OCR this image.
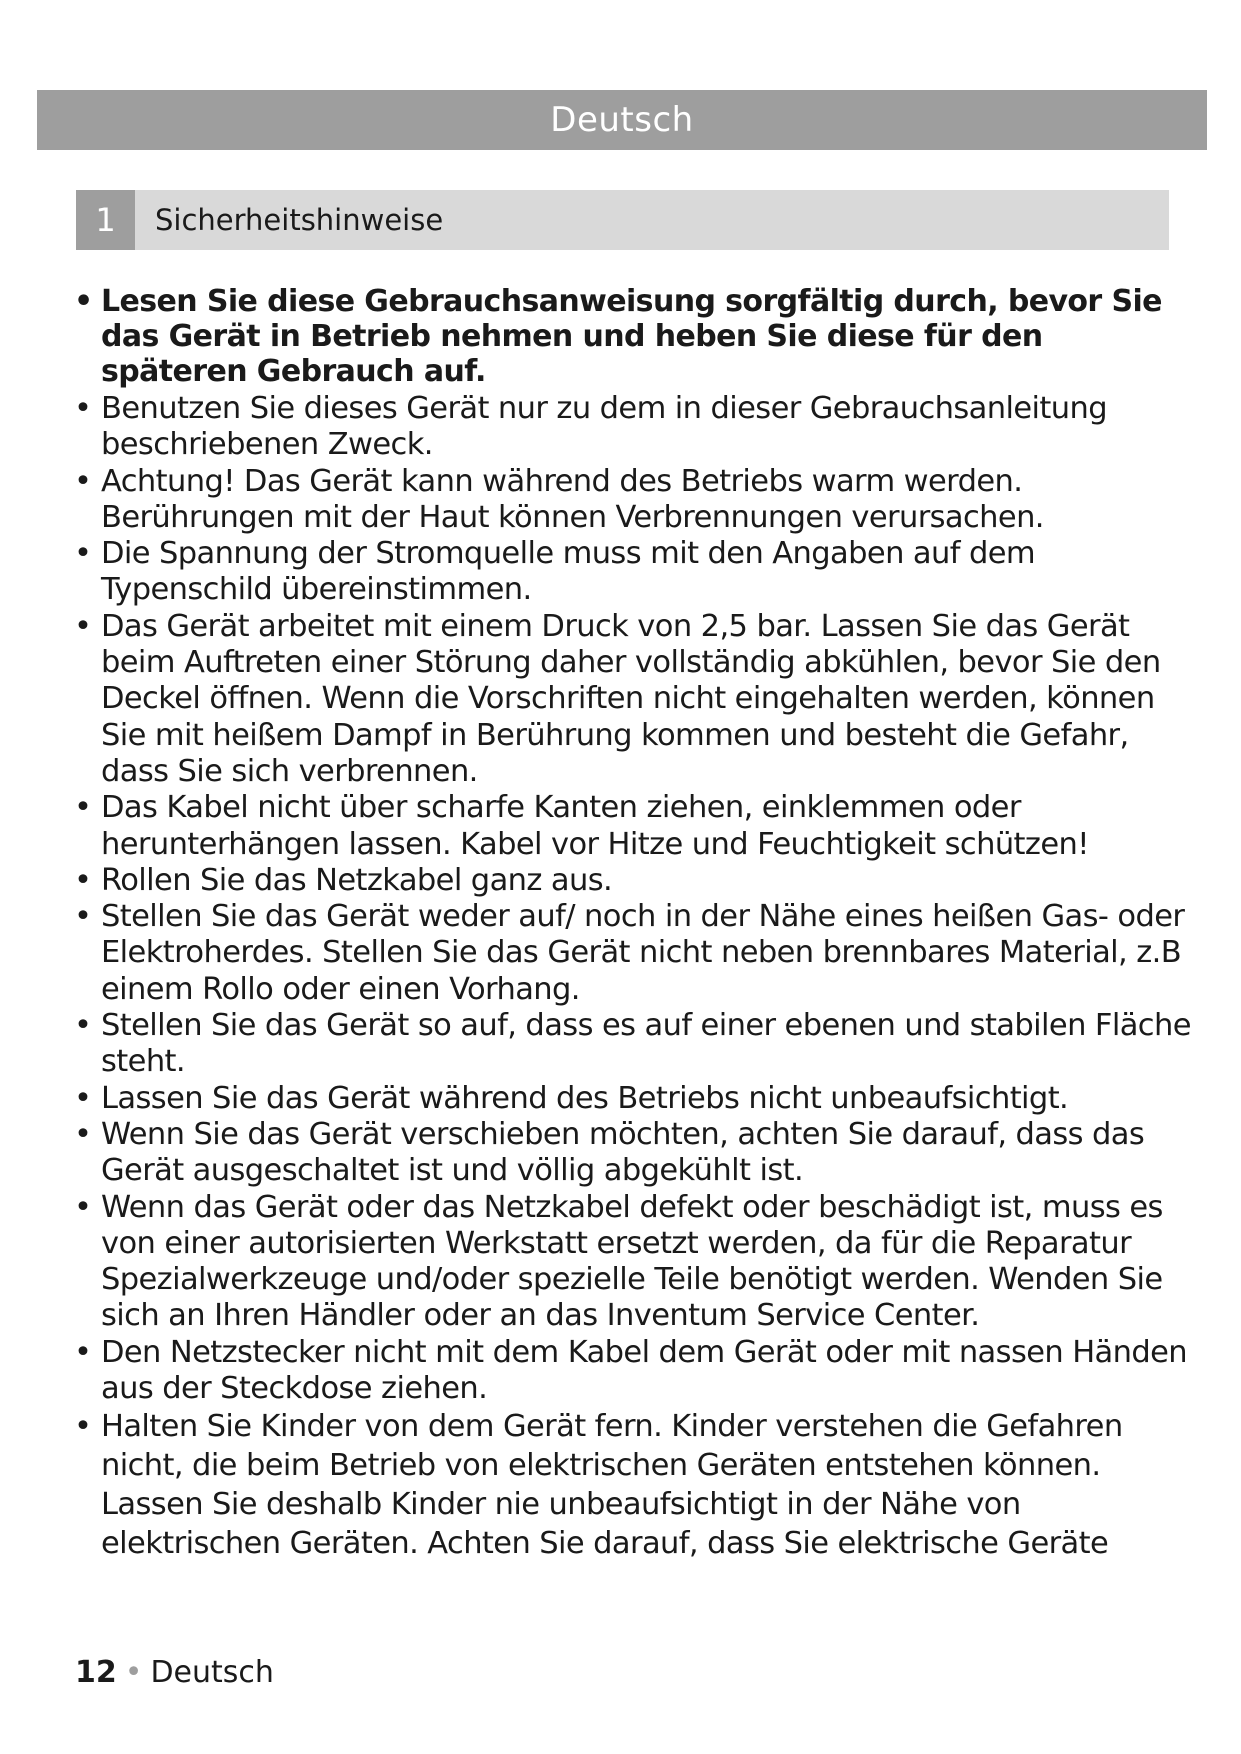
Deutsch
1	Sicherheitshinweise
• Lesen Sie diese Gebrauchsanweisung sorgfältig durch, bevor Sie das Gerät in Betrieb nehmen und heben Sie diese für den späteren Gebrauch auf.
• Benutzen Sie dieses Gerät nur zu dem in dieser Gebrauchsanleitung beschriebenen Zweck.
• Achtung! Das Gerät kann während des Betriebs warm werden. Berührungen mit der Haut können Verbrennungen verursachen.
• Die Spannung der Stromquelle muss mit den Angaben auf dem Typenschild übereinstimmen.
• Das Gerät arbeitet mit einem Druck von 2,5 bar. Lassen Sie das Gerät beim Auftreten einer Störung daher vollständig abkühlen, bevor Sie den Deckel öffnen. Wenn die Vorschriften nicht eingehalten werden, können Sie mit heißem Dampf in Berührung kommen und besteht die Gefahr, dass Sie sich verbrennen.
• Das Kabel nicht über scharfe Kanten ziehen, einklemmen oder herunterhängen lassen. Kabel vor Hitze und Feuchtigkeit schützen!
• Rollen Sie das Netzkabel ganz aus.
• Stellen Sie das Gerät weder auf/ noch in der Nähe eines heißen Gas- oder Elektroherdes. Stellen Sie das Gerät nicht neben brennbares Material, z.B einem Rollo oder einen Vorhang.
• Stellen Sie das Gerät so auf, dass es auf einer ebenen und stabilen Fläche steht.
• Lassen Sie das Gerät während des Betriebs nicht unbeaufsichtigt.
• Wenn Sie das Gerät verschieben möchten, achten Sie darauf, dass das Gerät ausgeschaltet ist und völlig abgekühlt ist.
• Wenn das Gerät oder das Netzkabel defekt oder beschädigt ist, muss es von einer autorisierten Werkstatt ersetzt werden, da für die Reparatur Spezialwerkzeuge und/oder spezielle Teile benötigt werden. Wenden Sie sich an Ihren Händler oder an das Inventum Service Center.
• Den Netzstecker nicht mit dem Kabel dem Gerät oder mit nassen Händen aus der Steckdose ziehen.
• Halten Sie Kinder von dem Gerät fern. Kinder verstehen die Gefahren nicht, die beim Betrieb von elektrischen Geräten entstehen können. Lassen Sie deshalb Kinder nie unbeaufsichtigt in der Nähe von elektrischen Geräten. Achten Sie darauf, dass Sie elektrische Geräte
12 • Deutsch
